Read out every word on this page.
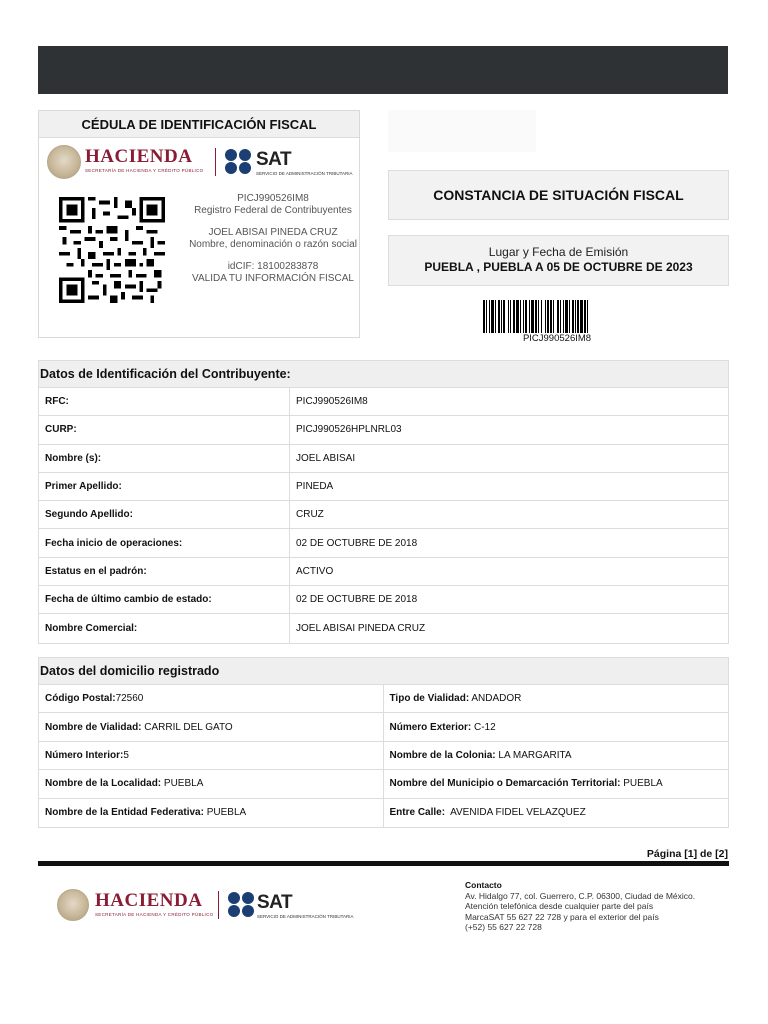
CÉDULA DE IDENTIFICACIÓN FISCAL
HACIENDA
SECRETARÍA DE HACIENDA Y CRÉDITO PÚBLICO
SAT
SERVICIO DE ADMINISTRACIÓN TRIBUTARIA
PICJ990526IM8
Registro Federal de Contribuyentes
JOEL ABISAI PINEDA CRUZ
Nombre, denominación o razón social
idCIF: 18100283878
VALIDA TU INFORMACIÓN FISCAL
CONSTANCIA DE SITUACIÓN FISCAL
Lugar y Fecha de Emisión
PUEBLA , PUEBLA A 05 DE OCTUBRE DE 2023
PICJ990526IM8
Datos de Identificación del Contribuyente:
RFC:	PICJ990526IM8
CURP:	PICJ990526HPLNRL03
Nombre (s):	JOEL ABISAI
Primer Apellido:	PINEDA
Segundo Apellido:	CRUZ
Fecha inicio de operaciones:	02 DE OCTUBRE DE 2018
Estatus en el padrón:	ACTIVO
Fecha de último cambio de estado:	02 DE OCTUBRE DE 2018
Nombre Comercial:	JOEL ABISAI PINEDA CRUZ
Datos del domicilio registrado
Código Postal: 72560	Tipo de Vialidad: ANDADOR
Nombre de Vialidad: CARRIL DEL GATO	Número Exterior: C-12
Número Interior: 5	Nombre de la Colonia: LA MARGARITA
Nombre de la Localidad: PUEBLA	Nombre del Municipio o Demarcación Territorial: PUEBLA
Nombre de la Entidad Federativa: PUEBLA	Entre Calle: AVENIDA FIDEL VELAZQUEZ
Página [1] de [2]
HACIENDA
SECRETARÍA DE HACIENDA Y CRÉDITO PÚBLICO
SAT
SERVICIO DE ADMINISTRACIÓN TRIBUTARIA
Contacto
Av. Hidalgo 77, col. Guerrero, C.P. 06300, Ciudad de México.
Atención telefónica desde cualquier parte del país
MarcaSAT 55 627 22 728 y para el exterior del país
(+52) 55 627 22 728
